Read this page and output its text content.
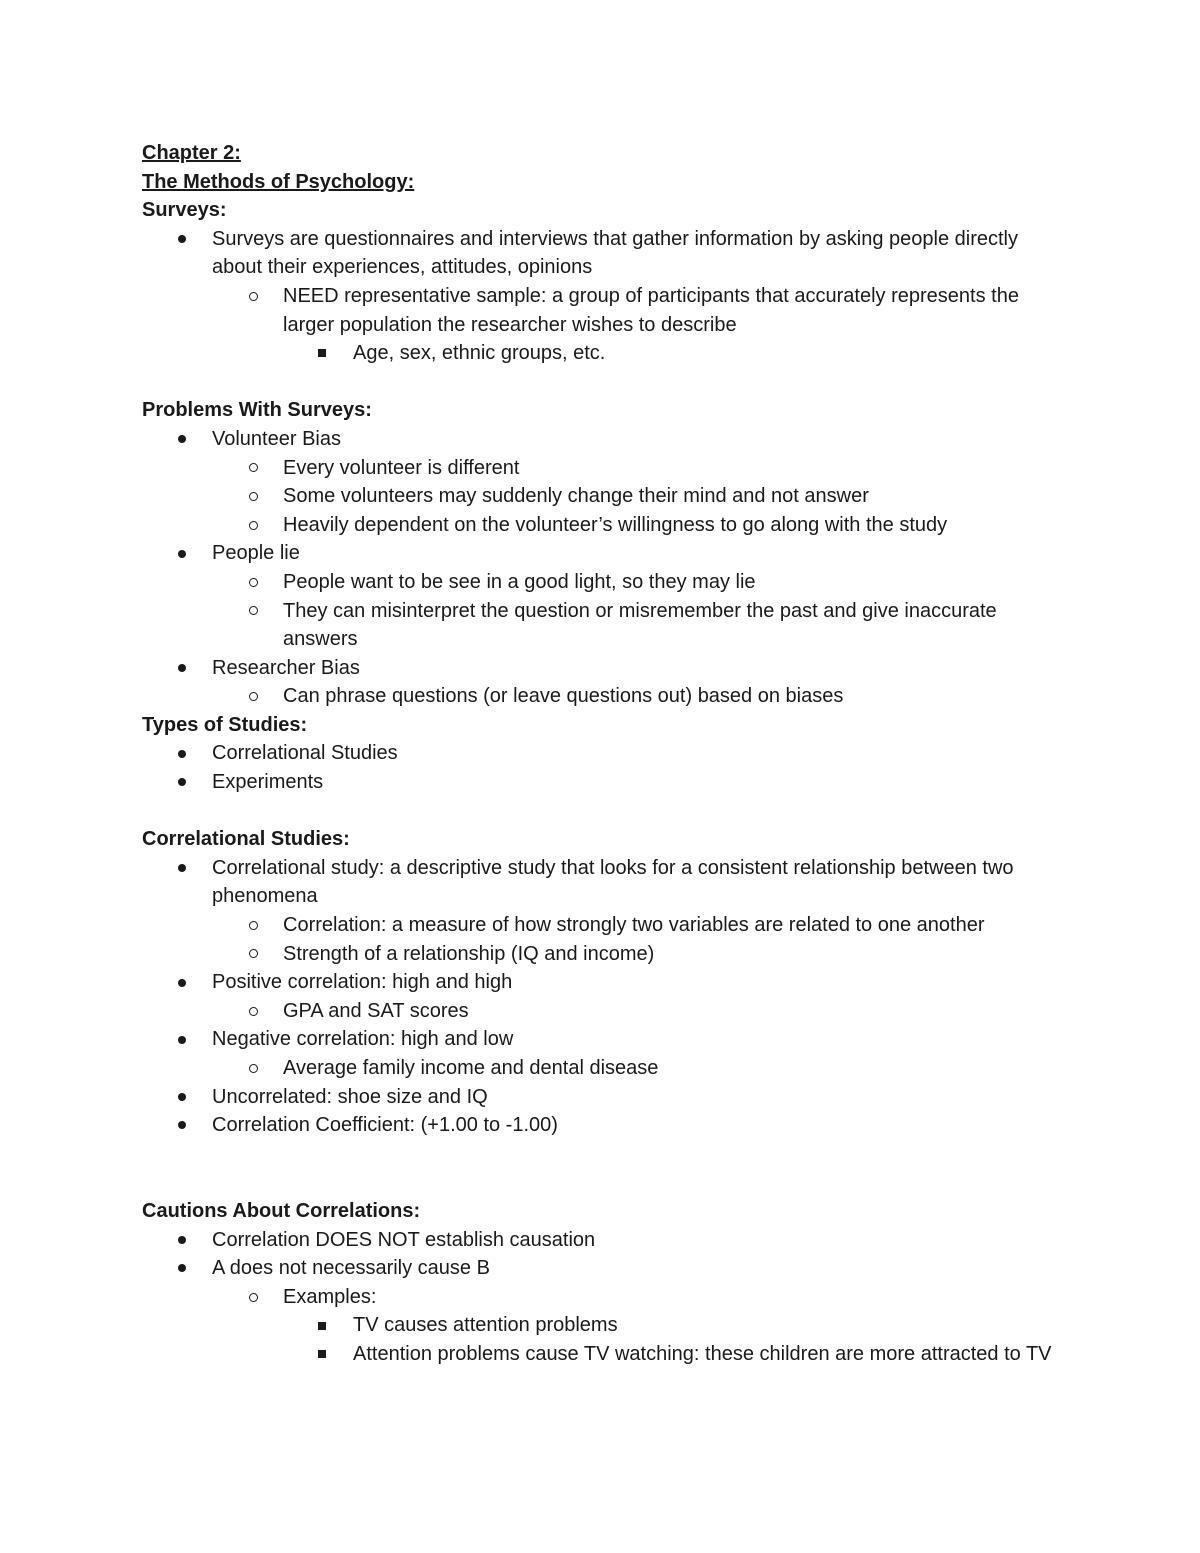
Chapter 2:

The Methods of Psychology:

Surveys:

Surveys are questionnaires and interviews that gather information by asking people directly about their experiences, attitudes, opinions
NEED representative sample: a group of participants that accurately represents the larger population the researcher wishes to describe
Age, sex, ethnic groups, etc.

Problems With Surveys:

Volunteer Bias
Every volunteer is different
Some volunteers may suddenly change their mind and not answer
Heavily dependent on the volunteer’s willingness to go along with the study
People lie
People want to be see in a good light, so they may lie
They can misinterpret the question or misremember the past and give inaccurate answers
Researcher Bias
Can phrase questions (or leave questions out) based on biases

Types of Studies:

Correlational Studies
Experiments

Correlational Studies:

Correlational study: a descriptive study that looks for a consistent relationship between two phenomena
Correlation: a measure of how strongly two variables are related to one another
Strength of a relationship (IQ and income)
Positive correlation: high and high
GPA and SAT scores
Negative correlation: high and low
Average family income and dental disease
Uncorrelated: shoe size and IQ
Correlation Coefficient: (+1.00 to -1.00)

Cautions About Correlations:

Correlation DOES NOT establish causation
A does not necessarily cause B
Examples:
TV causes attention problems
Attention problems cause TV watching: these children are more attracted to TV
